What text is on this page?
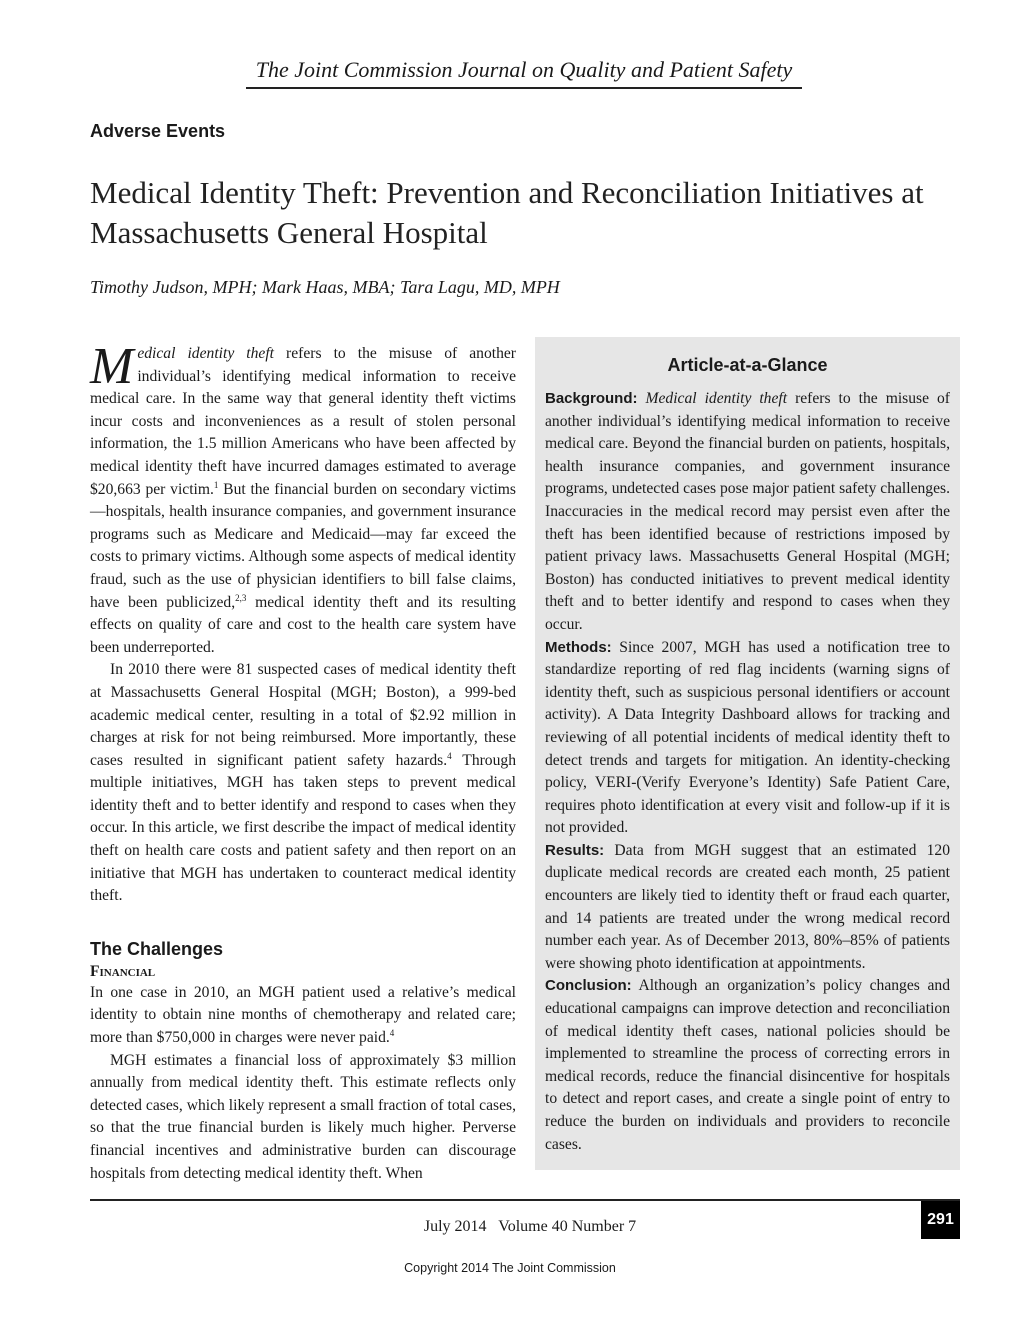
The Joint Commission Journal on Quality and Patient Safety
Adverse Events
Medical Identity Theft: Prevention and Reconciliation Initiatives at Massachusetts General Hospital
Timothy Judson, MPH; Mark Haas, MBA; Tara Lagu, MD, MPH

Medical identity theft refers to the misuse of another individual’s identifying medical information to receive medical care. In the same way that general identity theft victims incur costs and inconveniences as a result of stolen personal information, the 1.5 million Americans who have been affected by medical identity theft have incurred damages estimated to average $20,663 per victim.$^1$ But the financial burden on secondary victims—hospitals, health insurance companies, and government insurance programs such as Medicare and Medicaid—may far exceed the costs to primary victims. Although some aspects of medical identity fraud, such as the use of physician identifiers to bill false claims, have been publicized,$^{2,3}$ medical identity theft and its resulting effects on quality of care and cost to the health care system have been underreported.

In 2010 there were 81 suspected cases of medical identity theft at Massachusetts General Hospital (MGH; Boston), a 999-bed academic medical center, resulting in a total of $2.92 million in charges at risk for not being reimbursed. More importantly, these cases resulted in significant patient safety hazards.$^4$ Through multiple initiatives, MGH has taken steps to prevent medical identity theft and to better identify and respond to cases when they occur. In this article, we first describe the impact of medical identity theft on health care costs and patient safety and then report on an initiative that MGH has undertaken to counteract medical identity theft.

The Challenges
Financial

In one case in 2010, an MGH patient used a relative’s medical identity to obtain nine months of chemotherapy and related care; more than $750,000 in charges were never paid.$^4$

MGH estimates a financial loss of approximately $3 million annually from medical identity theft. This estimate reflects only detected cases, which likely represent a small fraction of total cases, so that the true financial burden is likely much higher. Perverse financial incentives and administrative burden can discourage hospitals from detecting medical identity theft. When

Article-at-a-Glance

Background: Medical identity theft refers to the misuse of another individual’s identifying medical information to receive medical care. Beyond the financial burden on patients, hospitals, health insurance companies, and government insurance programs, undetected cases pose major patient safety challenges. Inaccuracies in the medical record may persist even after the theft has been identified because of restrictions imposed by patient privacy laws. Massachusetts General Hospital (MGH; Boston) has conducted initiatives to prevent medical identity theft and to better identify and respond to cases when they occur.

Methods: Since 2007, MGH has used a notification tree to standardize reporting of red flag incidents (warning signs of identity theft, such as suspicious personal identifiers or account activity). A Data Integrity Dashboard allows for tracking and reviewing of all potential incidents of medical identity theft to detect trends and targets for mitigation. An identity-checking policy, VERI-(Verify Everyone’s Identity) Safe Patient Care, requires photo identification at every visit and follow-up if it is not provided.

Results: Data from MGH suggest that an estimated 120 duplicate medical records are created each month, 25 patient encounters are likely tied to identity theft or fraud each quarter, and 14 patients are treated under the wrong medical record number each year. As of December 2013, 80%–85% of patients were showing photo identification at appointments.

Conclusion: Although an organization’s policy changes and educational campaigns can improve detection and reconciliation of medical identity theft cases, national policies should be implemented to streamline the process of correcting errors in medical records, reduce the financial disincentive for hospitals to detect and report cases, and create a single point of entry to reduce the burden on individuals and providers to reconcile cases.

July 2014   Volume 40 Number 7	291
Copyright 2014 The Joint Commission
